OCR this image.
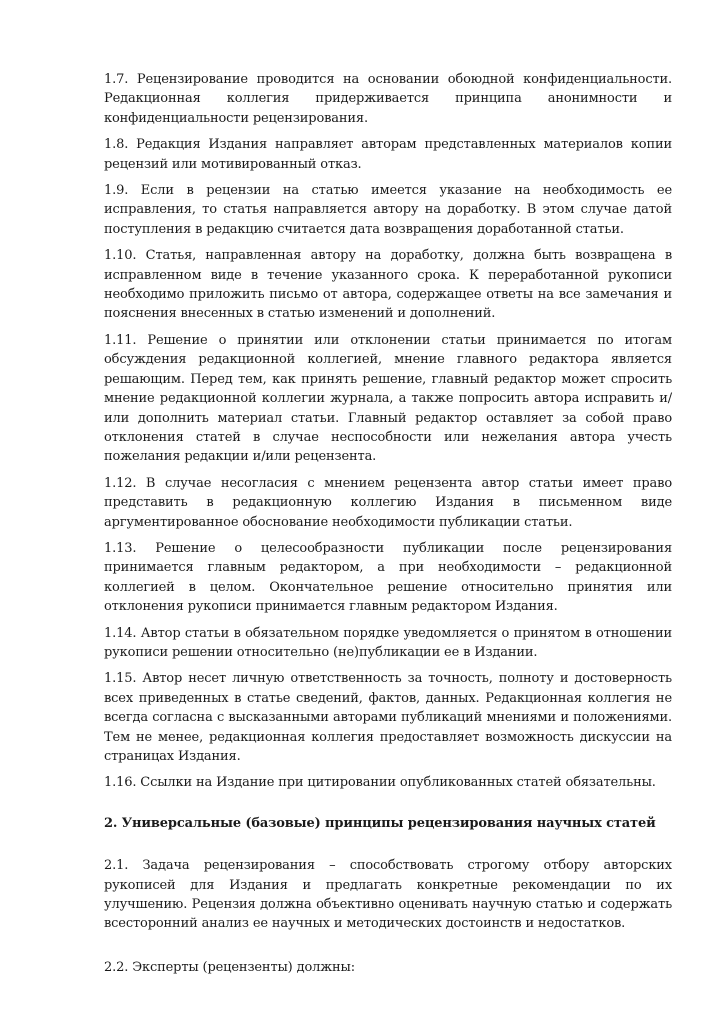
1.7. Рецензирование проводится на основании обоюдной конфиденциальности. Редакционная коллегия придерживается принципа анонимности и конфиденциальности рецензирования.

1.8. Редакция Издания направляет авторам представленных материалов копии рецензий или мотивированный отказ.

1.9. Если в рецензии на статью имеется указание на необходимость ее исправления, то статья направляется автору на доработку. В этом случае датой поступления в редакцию считается дата возвращения доработанной статьи.

1.10. Статья, направленная автору на доработку, должна быть возвращена в исправленном виде в течение указанного срока. К переработанной рукописи необходимо приложить письмо от автора, содержащее ответы на все замечания и пояснения внесенных в статью изменений и дополнений.

1.11. Решение о принятии или отклонении статьи принимается по итогам обсуждения редакционной коллегией, мнение главного редактора является решающим. Перед тем, как принять решение, главный редактор может спросить мнение редакционной коллегии журнала, а также попросить автора исправить и/или дополнить материал статьи. Главный редактор оставляет за собой право отклонения статей в случае неспособности или нежелания автора учесть пожелания редакции и/или рецензента.

1.12. В случае несогласия с мнением рецензента автор статьи имеет право представить в редакционную коллегию Издания в письменном виде аргументированное обоснование необходимости публикации статьи.

1.13. Решение о целесообразности публикации после рецензирования принимается главным редактором, а при необходимости – редакционной коллегией в целом. Окончательное решение относительно принятия или отклонения рукописи принимается главным редактором Издания.

1.14. Автор статьи в обязательном порядке уведомляется о принятом в отношении рукописи решении относительно (не)публикации ее в Издании.

1.15. Автор несет личную ответственность за точность, полноту и достоверность всех приведенных в статье сведений, фактов, данных. Редакционная коллегия не всегда согласна с высказанными авторами публикаций мнениями и положениями. Тем не менее, редакционная коллегия предоставляет возможность дискуссии на страницах Издания.

1.16. Ссылки на Издание при цитировании опубликованных статей обязательны.

2. Универсальные (базовые) принципы рецензирования научных статей

2.1. Задача рецензирования – способствовать строгому отбору авторских рукописей для Издания и предлагать конкретные рекомендации по их улучшению. Рецензия должна объективно оценивать научную статью и содержать всесторонний анализ ее научных и методических достоинств и недостатков.

2.2. Эксперты (рецензенты) должны:
